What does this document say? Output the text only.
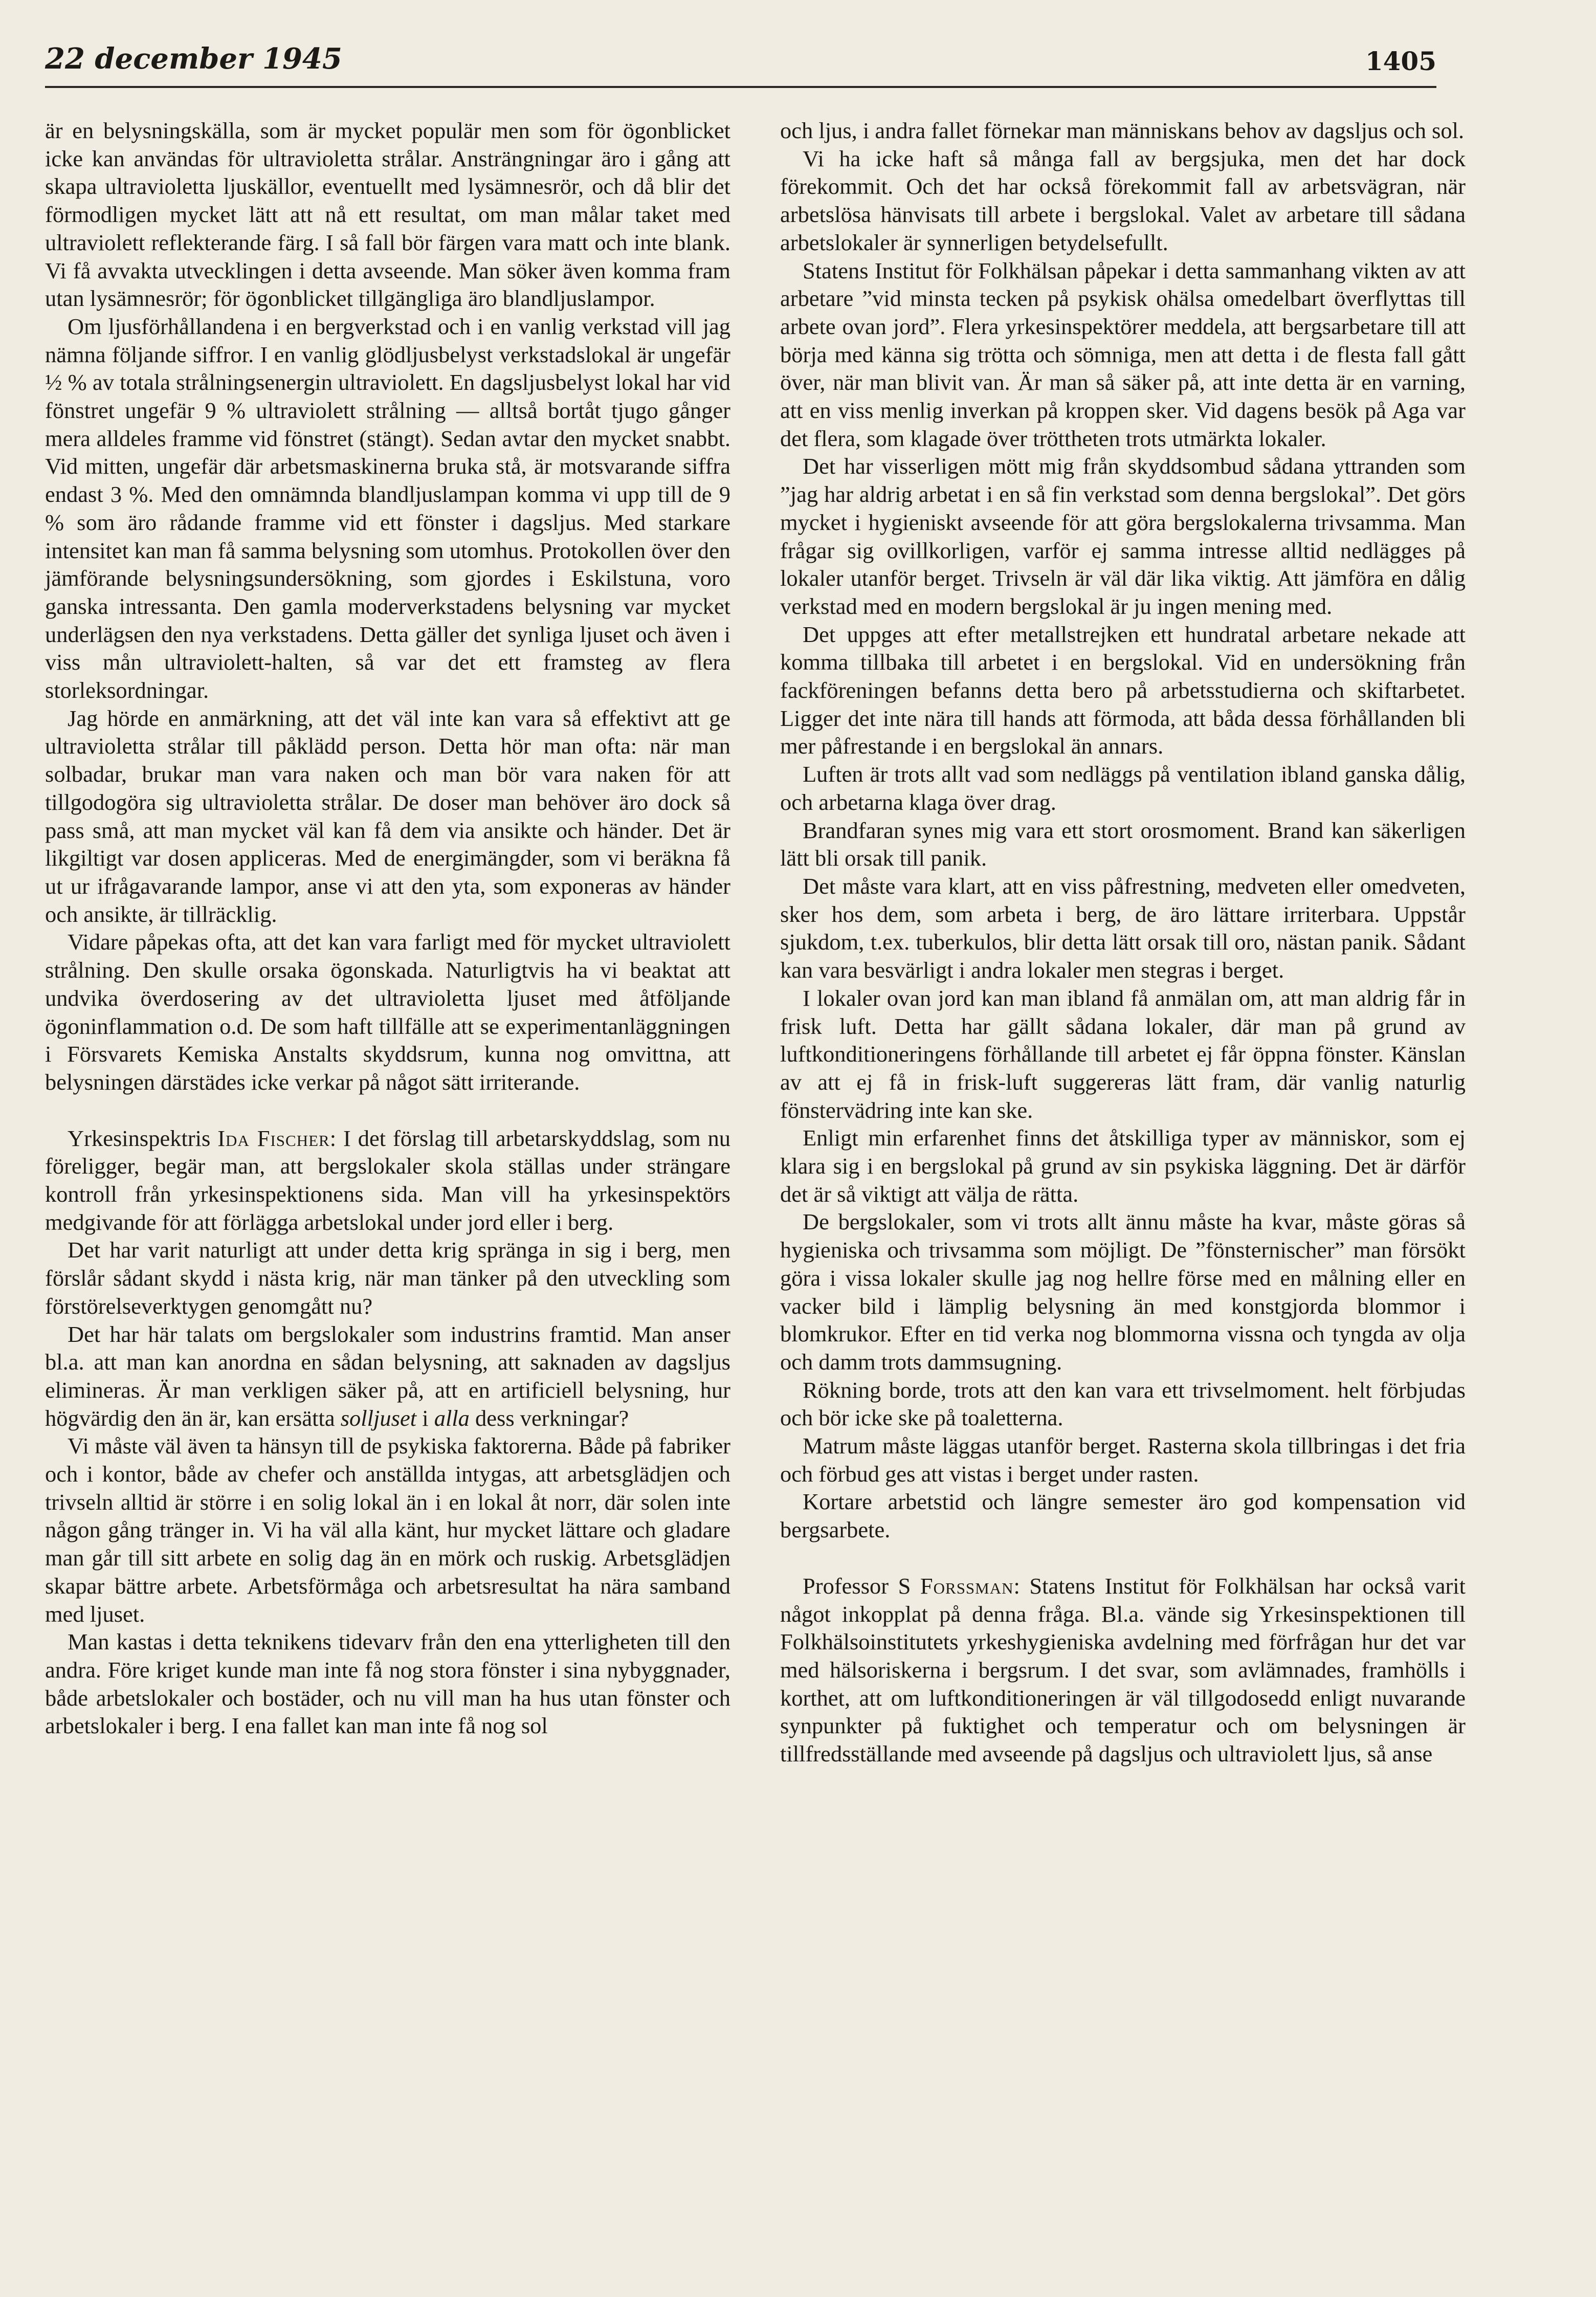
22 december 1945	1405

är en belysningskälla, som är mycket populär men som för ögonblicket icke kan användas för ultravioletta strålar. Ansträngningar äro i gång att skapa ultravioletta ljuskällor, eventuellt med lysämnesrör, och då blir det förmodligen mycket lätt att nå ett resultat, om man målar taket med ultraviolett reflekterande färg. I så fall bör färgen vara matt och inte blank. Vi få avvakta utvecklingen i detta avseende. Man söker även komma fram utan lysämnesrör; för ögonblicket tillgängliga äro blandljuslampor.

Om ljusförhållandena i en bergverkstad och i en vanlig verkstad vill jag nämna följande siffror. I en vanlig glödljusbelyst verkstadslokal är ungefär ½ % av totala strålningsenergin ultraviolett. En dagsljusbelyst lokal har vid fönstret ungefär 9 % ultraviolett strålning — alltså bortåt tjugo gånger mera alldeles framme vid fönstret (stängt). Sedan avtar den mycket snabbt. Vid mitten, ungefär där arbetsmaskinerna bruka stå, är motsvarande siffra endast 3 %. Med den omnämnda blandljuslampan komma vi upp till de 9 % som äro rådande framme vid ett fönster i dagsljus. Med starkare intensitet kan man få samma belysning som utomhus. Protokollen över den jämförande belysningsundersökning, som gjordes i Eskilstuna, voro ganska intressanta. Den gamla moderverkstadens belysning var mycket underlägsen den nya verkstadens. Detta gäller det synliga ljuset och även i viss mån ultraviolett-halten, så var det ett framsteg av flera storleksordningar.

Jag hörde en anmärkning, att det väl inte kan vara så effektivt att ge ultravioletta strålar till påklädd person. Detta hör man ofta: när man solbadar, brukar man vara naken och man bör vara naken för att tillgodogöra sig ultravioletta strålar. De doser man behöver äro dock så pass små, att man mycket väl kan få dem via ansikte och händer. Det är likgiltigt var dosen appliceras. Med de energimängder, som vi beräkna få ut ur ifrågavarande lampor, anse vi att den yta, som exponeras av händer och ansikte, är tillräcklig.

Vidare påpekas ofta, att det kan vara farligt med för mycket ultraviolett strålning. Den skulle orsaka ögonskada. Naturligtvis ha vi beaktat att undvika överdosering av det ultravioletta ljuset med åtföljande ögoninflammation o.d. De som haft tillfälle att se experimentanläggningen i Försvarets Kemiska Anstalts skyddsrum, kunna nog omvittna, att belysningen därstädes icke verkar på något sätt irriterande.

Yrkesinspektris Ida Fischer: I det förslag till arbetarskyddslag, som nu föreligger, begär man, att bergslokaler skola ställas under strängare kontroll från yrkesinspektionens sida. Man vill ha yrkesinspektörs medgivande för att förlägga arbetslokal under jord eller i berg.

Det har varit naturligt att under detta krig spränga in sig i berg, men förslår sådant skydd i nästa krig, när man tänker på den utveckling som förstörelseverktygen genomgått nu?

Det har här talats om bergslokaler som industrins framtid. Man anser bl.a. att man kan anordna en sådan belysning, att saknaden av dagsljus elimineras. Är man verkligen säker på, att en artificiell belysning, hur högvärdig den än är, kan ersätta solljuset i alla dess verkningar?

Vi måste väl även ta hänsyn till de psykiska faktorerna. Både på fabriker och i kontor, både av chefer och anställda intygas, att arbetsglädjen och trivseln alltid är större i en solig lokal än i en lokal åt norr, där solen inte någon gång tränger in. Vi ha väl alla känt, hur mycket lättare och gladare man går till sitt arbete en solig dag än en mörk och ruskig. Arbetsglädjen skapar bättre arbete. Arbetsförmåga och arbetsresultat ha nära samband med ljuset.

Man kastas i detta teknikens tidevarv från den ena ytterligheten till den andra. Före kriget kunde man inte få nog stora fönster i sina nybyggnader, både arbetslokaler och bostäder, och nu vill man ha hus utan fönster och arbetslokaler i berg. I ena fallet kan man inte få nog sol

och ljus, i andra fallet förnekar man människans behov av dagsljus och sol.

Vi ha icke haft så många fall av bergsjuka, men det har dock förekommit. Och det har också förekommit fall av arbetsvägran, när arbetslösa hänvisats till arbete i bergslokal. Valet av arbetare till sådana arbetslokaler är synnerligen betydelsefullt.

Statens Institut för Folkhälsan påpekar i detta sammanhang vikten av att arbetare ”vid minsta tecken på psykisk ohälsa omedelbart överflyttas till arbete ovan jord”. Flera yrkesinspektörer meddela, att bergsarbetare till att börja med känna sig trötta och sömniga, men att detta i de flesta fall gått över, när man blivit van. Är man så säker på, att inte detta är en varning, att en viss menlig inverkan på kroppen sker. Vid dagens besök på Aga var det flera, som klagade över tröttheten trots utmärkta lokaler.

Det har visserligen mött mig från skyddsombud sådana yttranden som ”jag har aldrig arbetat i en så fin verkstad som denna bergslokal”. Det görs mycket i hygieniskt avseende för att göra bergslokalerna trivsamma. Man frågar sig ovillkorligen, varför ej samma intresse alltid nedlägges på lokaler utanför berget. Trivseln är väl där lika viktig. Att jämföra en dålig verkstad med en modern bergslokal är ju ingen mening med.

Det uppges att efter metallstrejken ett hundratal arbetare nekade att komma tillbaka till arbetet i en bergslokal. Vid en undersökning från fackföreningen befanns detta bero på arbetsstudierna och skiftarbetet. Ligger det inte nära till hands att förmoda, att båda dessa förhållanden bli mer påfrestande i en bergslokal än annars.

Luften är trots allt vad som nedläggs på ventilation ibland ganska dålig, och arbetarna klaga över drag.

Brandfaran synes mig vara ett stort orosmoment. Brand kan säkerligen lätt bli orsak till panik.

Det måste vara klart, att en viss påfrestning, medveten eller omedveten, sker hos dem, som arbeta i berg, de äro lättare irriterbara. Uppstår sjukdom, t.ex. tuberkulos, blir detta lätt orsak till oro, nästan panik. Sådant kan vara besvärligt i andra lokaler men stegras i berget.

I lokaler ovan jord kan man ibland få anmälan om, att man aldrig får in frisk luft. Detta har gällt sådana lokaler, där man på grund av luftkonditioneringens förhållande till arbetet ej får öppna fönster. Känslan av att ej få in frisk-luft suggereras lätt fram, där vanlig naturlig fönstervädring inte kan ske.

Enligt min erfarenhet finns det åtskilliga typer av människor, som ej klara sig i en bergslokal på grund av sin psykiska läggning. Det är därför det är så viktigt att välja de rätta.

De bergslokaler, som vi trots allt ännu måste ha kvar, måste göras så hygieniska och trivsamma som möjligt. De ”fönsternischer” man försökt göra i vissa lokaler skulle jag nog hellre förse med en målning eller en vacker bild i lämplig belysning än med konstgjorda blommor i blomkrukor. Efter en tid verka nog blommorna vissna och tyngda av olja och damm trots dammsugning.

Rökning borde, trots att den kan vara ett trivselmoment. helt förbjudas och bör icke ske på toaletterna.

Matrum måste läggas utanför berget. Rasterna skola tillbringas i det fria och förbud ges att vistas i berget under rasten.

Kortare arbetstid och längre semester äro god kompensation vid bergsarbete.

Professor S Forssman: Statens Institut för Folkhälsan har också varit något inkopplat på denna fråga. Bl.a. vände sig Yrkesinspektionen till Folkhälsoinstitutets yrkeshygieniska avdelning med förfrågan hur det var med hälsoriskerna i bergsrum. I det svar, som avlämnades, framhölls i korthet, att om luftkonditioneringen är väl tillgodosedd enligt nuvarande synpunkter på fuktighet och temperatur och om belysningen är tillfredsställande med avseende på dagsljus och ultraviolett ljus, så anse
